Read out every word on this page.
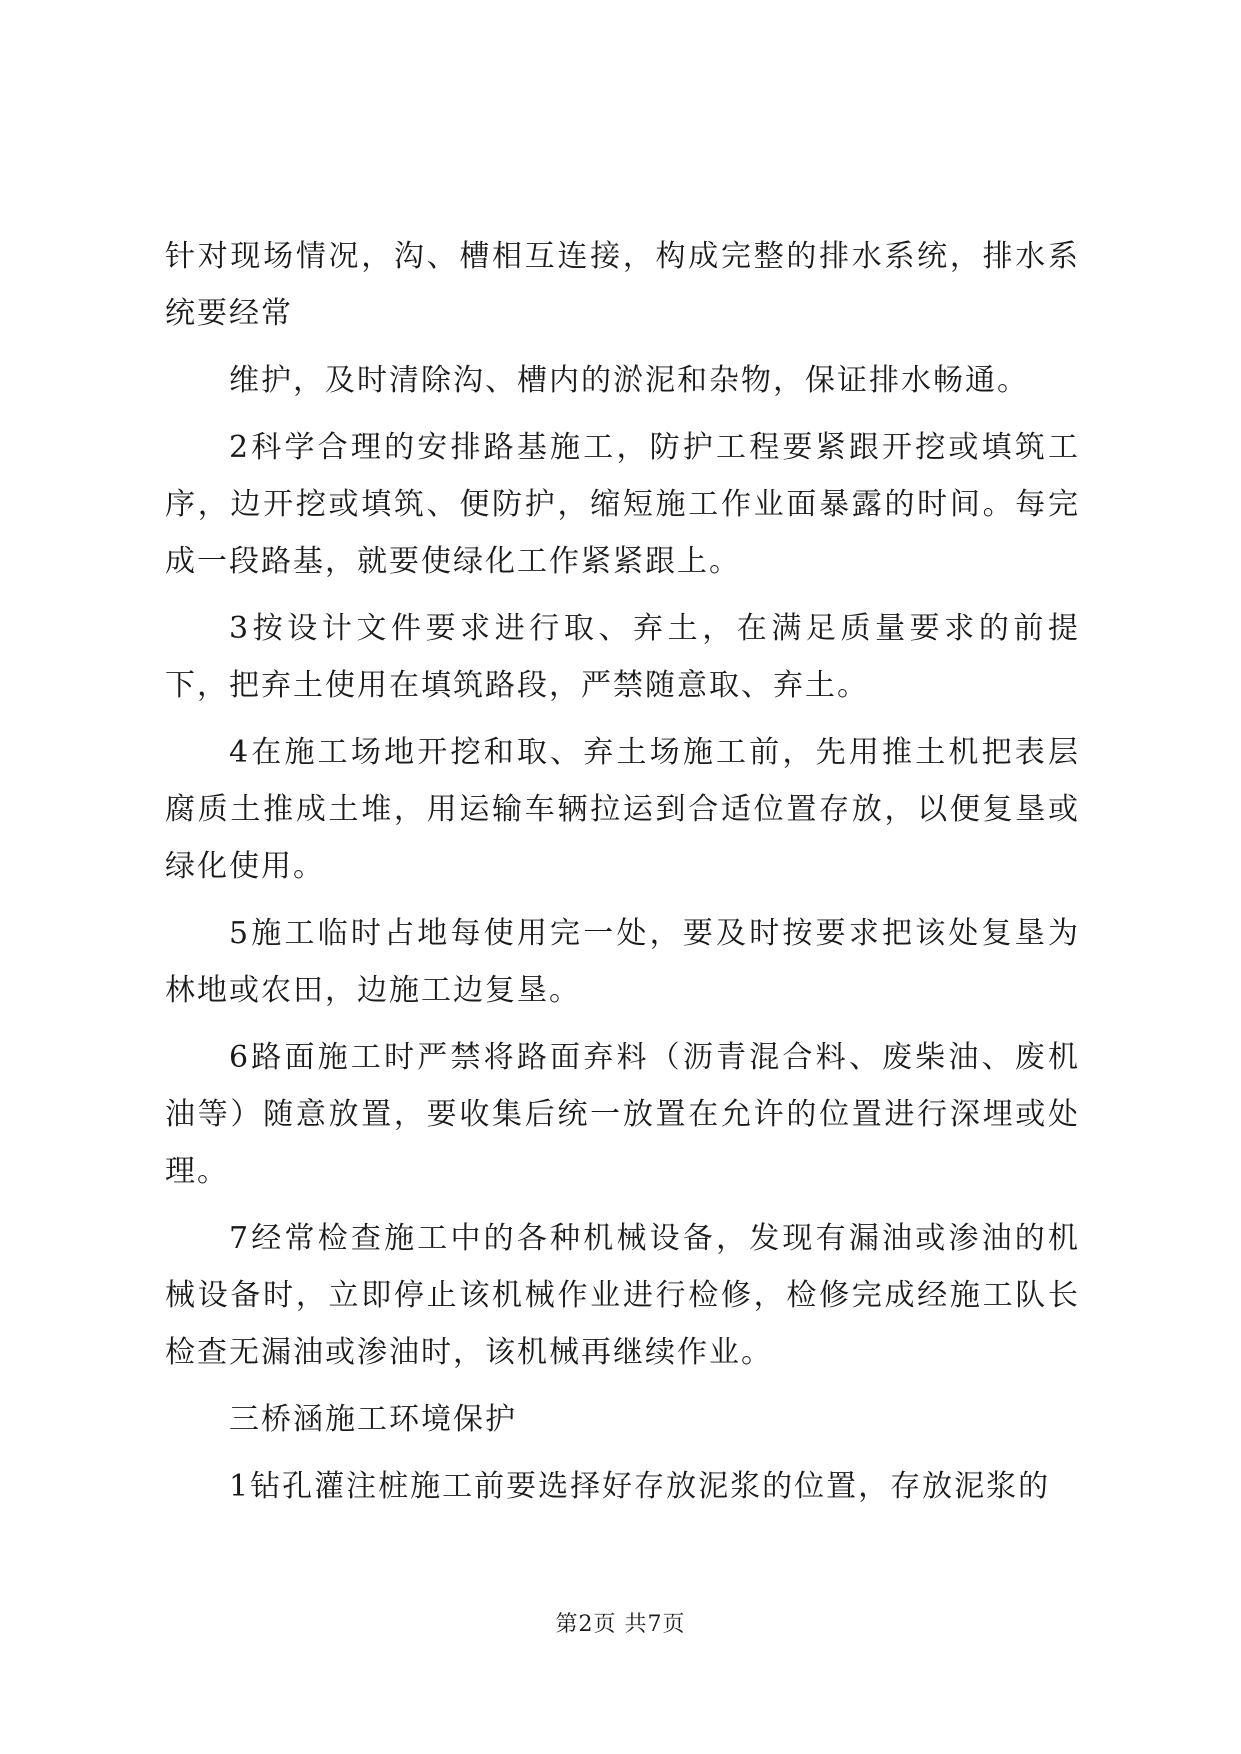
针对现场情况，沟、槽相互连接，构成完整的排水系统，排水系统要经常

维护，及时清除沟、槽内的淤泥和杂物，保证排水畅通。

2科学合理的安排路基施工，防护工程要紧跟开挖或填筑工序，边开挖或填筑、便防护，缩短施工作业面暴露的时间。每完成一段路基，就要使绿化工作紧紧跟上。

3按设计文件要求进行取、弃土，在满足质量要求的前提下，把弃土使用在填筑路段，严禁随意取、弃土。

4在施工场地开挖和取、弃土场施工前，先用推土机把表层腐质土推成土堆，用运输车辆拉运到合适位置存放，以便复垦或绿化使用。

5施工临时占地每使用完一处，要及时按要求把该处复垦为林地或农田，边施工边复垦。

6路面施工时严禁将路面弃料（沥青混合料、废柴油、废机油等）随意放置，要收集后统一放置在允许的位置进行深埋或处理。

7经常检查施工中的各种机械设备，发现有漏油或渗油的机械设备时，立即停止该机械作业进行检修，检修完成经施工队长检查无漏油或渗油时，该机械再继续作业。

三桥涵施工环境保护

1钻孔灌注桩施工前要选择好存放泥浆的位置，存放泥浆的

第2页 共7页
